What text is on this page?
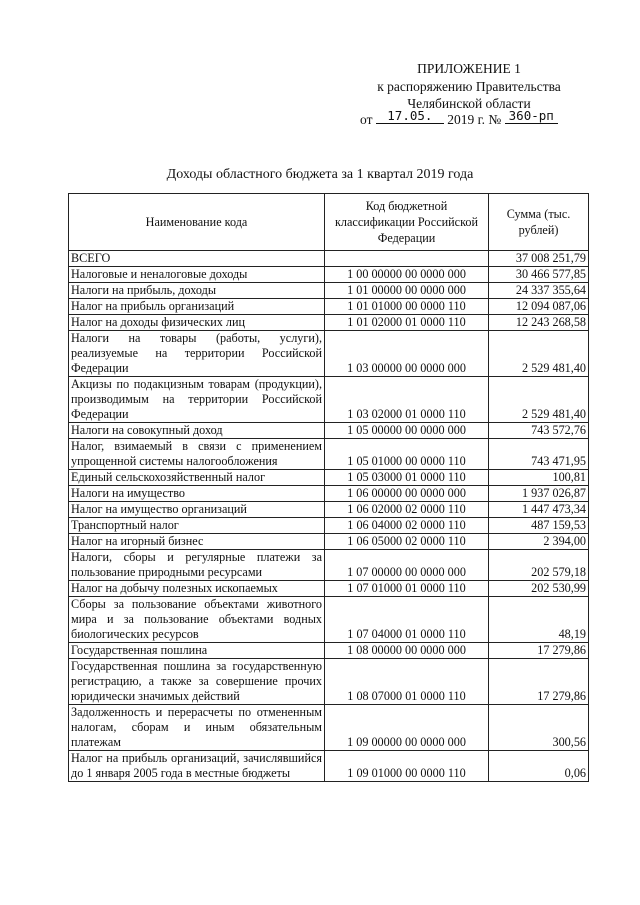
ПРИЛОЖЕНИЕ 1
к распоряжению Правительства
Челябинской области
от 17.05. 2019 г. № 360-рп
Доходы областного бюджета за 1 квартал 2019 года
Наименование кода	Код бюджетной классификации Российской Федерации	Сумма (тыс. рублей)
ВСЕГО		37 008 251,79
Налоговые и неналоговые доходы	1 00 00000 00 0000 000	30 466 577,85
Налоги на прибыль, доходы	1 01 00000 00 0000 000	24 337 355,64
Налог на прибыль организаций	1 01 01000 00 0000 110	12 094 087,06
Налог на доходы физических лиц	1 01 02000 01 0000 110	12 243 268,58
Налоги на товары (работы, услуги), реализуемые на территории Российской Федерации	1 03 00000 00 0000 000	2 529 481,40
Акцизы по подакцизным товарам (продукции), производимым на территории Российской Федерации	1 03 02000 01 0000 110	2 529 481,40
Налоги на совокупный доход	1 05 00000 00 0000 000	743 572,76
Налог, взимаемый в связи с применением упрощенной системы налогообложения	1 05 01000 00 0000 110	743 471,95
Единый сельскохозяйственный налог	1 05 03000 01 0000 110	100,81
Налоги на имущество	1 06 00000 00 0000 000	1 937 026,87
Налог на имущество организаций	1 06 02000 02 0000 110	1 447 473,34
Транспортный налог	1 06 04000 02 0000 110	487 159,53
Налог на игорный бизнес	1 06 05000 02 0000 110	2 394,00
Налоги, сборы и регулярные платежи за пользование природными ресурсами	1 07 00000 00 0000 000	202 579,18
Налог на добычу полезных ископаемых	1 07 01000 01 0000 110	202 530,99
Сборы за пользование объектами животного мира и за пользование объектами водных биологических ресурсов	1 07 04000 01 0000 110	48,19
Государственная пошлина	1 08 00000 00 0000 000	17 279,86
Государственная пошлина за государственную регистрацию, а также за совершение прочих юридически значимых действий	1 08 07000 01 0000 110	17 279,86
Задолженность и перерасчеты по отмененным налогам, сборам и иным обязательным платежам	1 09 00000 00 0000 000	300,56
Налог на прибыль организаций, зачислявшийся до 1 января 2005 года в местные бюджеты	1 09 01000 00 0000 110	0,06
